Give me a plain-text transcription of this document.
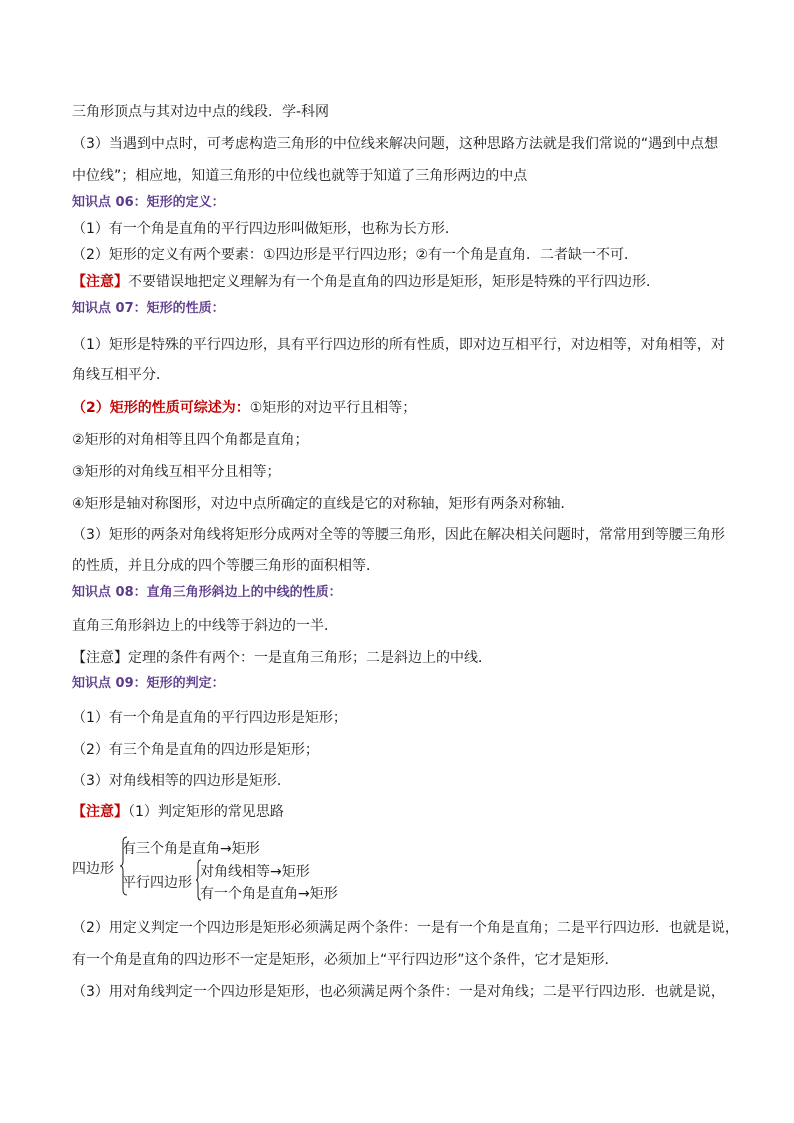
三角形顶点与其对边中点的线段．学-科网
（3）当遇到中点时，可考虑构造三角形的中位线来解决问题，这种思路方法就是我们常说的“遇到中点想
中位线”；相应地，知道三角形的中位线也就等于知道了三角形两边的中点
知识点 06：矩形的定义：
（1）有一个角是直角的平行四边形叫做矩形，也称为长方形．
（2）矩形的定义有两个要素：①四边形是平行四边形；②有一个角是直角．二者缺一不可．
【注意】不要错误地把定义理解为有一个角是直角的四边形是矩形，矩形是特殊的平行四边形．
知识点 07：矩形的性质：
（1）矩形是特殊的平行四边形，具有平行四边形的所有性质，即对边互相平行，对边相等，对角相等，对
角线互相平分．
（2）矩形的性质可综述为：①矩形的对边平行且相等；
②矩形的对角相等且四个角都是直角；
③矩形的对角线互相平分且相等；
④矩形是轴对称图形，对边中点所确定的直线是它的对称轴，矩形有两条对称轴．
（3）矩形的两条对角线将矩形分成两对全等的等腰三角形，因此在解决相关问题时，常常用到等腰三角形
的性质，并且分成的四个等腰三角形的面积相等．
知识点 08：直角三角形斜边上的中线的性质：
直角三角形斜边上的中线等于斜边的一半．
【注意】定理的条件有两个：一是直角三角形；二是斜边上的中线．
知识点 09：矩形的判定：
（1）有一个角是直角的平行四边形是矩形；
（2）有三个角是直角的四边形是矩形；
（3）对角线相等的四边形是矩形．
【注意】（1）判定矩形的常见思路
四边形
有三个角是直角→矩形
平行四边形
对角线相等→矩形
有一个角是直角→矩形
（2）用定义判定一个四边形是矩形必须满足两个条件：一是有一个角是直角；二是平行四边形．也就是说，
有一个角是直角的四边形不一定是矩形，必须加上“平行四边形”这个条件，它才是矩形．
（3）用对角线判定一个四边形是矩形，也必须满足两个条件：一是对角线；二是平行四边形．也就是说，
